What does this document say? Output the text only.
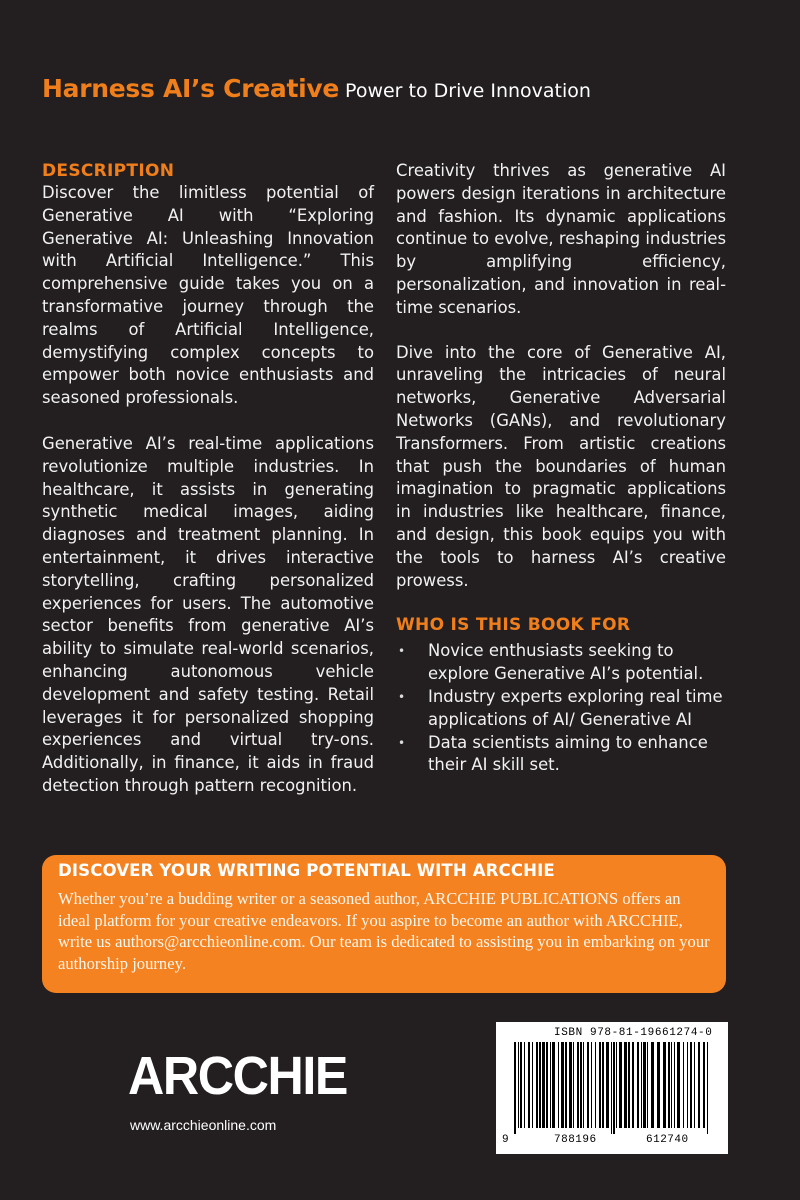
Harness AI’s Creative Power to Drive Innovation
DESCRIPTION

Discover the limitless potential of Generative AI with “Exploring Generative AI: Unleashing Innovation with Artificial Intelligence.” This comprehensive guide takes you on a transformative journey through the realms of Artificial Intelligence, demystifying complex concepts to empower both novice enthusiasts and seasoned professionals.

Generative AI’s real-time applications revolutionize multiple industries. In healthcare, it assists in generating synthetic medical images, aiding diagnoses and treatment planning. In entertainment, it drives interactive storytelling, crafting personalized experiences for users. The automotive sector benefits from generative AI’s ability to simulate real-world scenarios, enhancing autonomous vehicle development and safety testing. Retail leverages it for personalized shopping experiences and virtual try-ons. Additionally, in finance, it aids in fraud detection through pattern recognition.

Creativity thrives as generative AI powers design iterations in architecture and fashion. Its dynamic applications continue to evolve, reshaping industries by amplifying efficiency, personalization, and innovation in real-time scenarios.

Dive into the core of Generative AI, unraveling the intricacies of neural networks, Generative Adversarial Networks (GANs), and revolutionary Transformers. From artistic creations that push the boundaries of human imagination to pragmatic applications in industries like healthcare, finance, and design, this book equips you with the tools to harness AI’s creative prowess.

WHO IS THIS BOOK FOR
• Novice enthusiasts seeking to explore Generative AI’s potential.
• Industry experts exploring real time applications of AI/ Generative AI
• Data scientists aiming to enhance their AI skill set.

DISCOVER YOUR WRITING POTENTIAL WITH ARCCHIE

Whether you’re a budding writer or a seasoned author, ARCCHIE PUBLICATIONS offers an ideal platform for your creative endeavors. If you aspire to become an author with ARCCHIE, write us authors@arcchieonline.com. Our team is dedicated to assisting you in embarking on your authorship journey.

ARCCHIE
www.arcchieonline.com
ISBN 978-81-19661274-0
9	788196	612740
